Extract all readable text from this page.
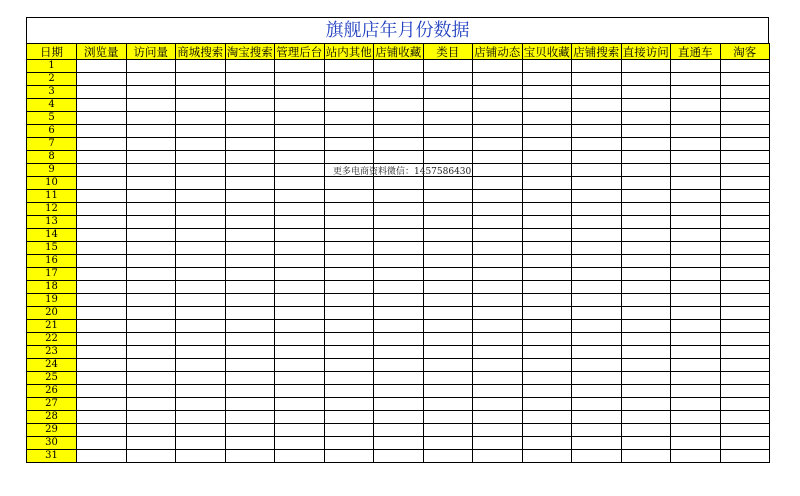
旗舰店年月份数据
日期	浏览量	访问量	商城搜索	淘宝搜索	管理后台	站内其他	店铺收藏	类目	店铺动态	宝贝收藏	店铺搜索	直接访问	直通车	淘客
1														
2														
3														
4														
5														
6														
7														
8														
9														
10														
11														
12														
13														
14														
15														
16														
17														
18														
19														
20														
21														
22														
23														
24														
25														
26														
27														
28														
29														
30														
31														
更多电商资料微信：1457586430
